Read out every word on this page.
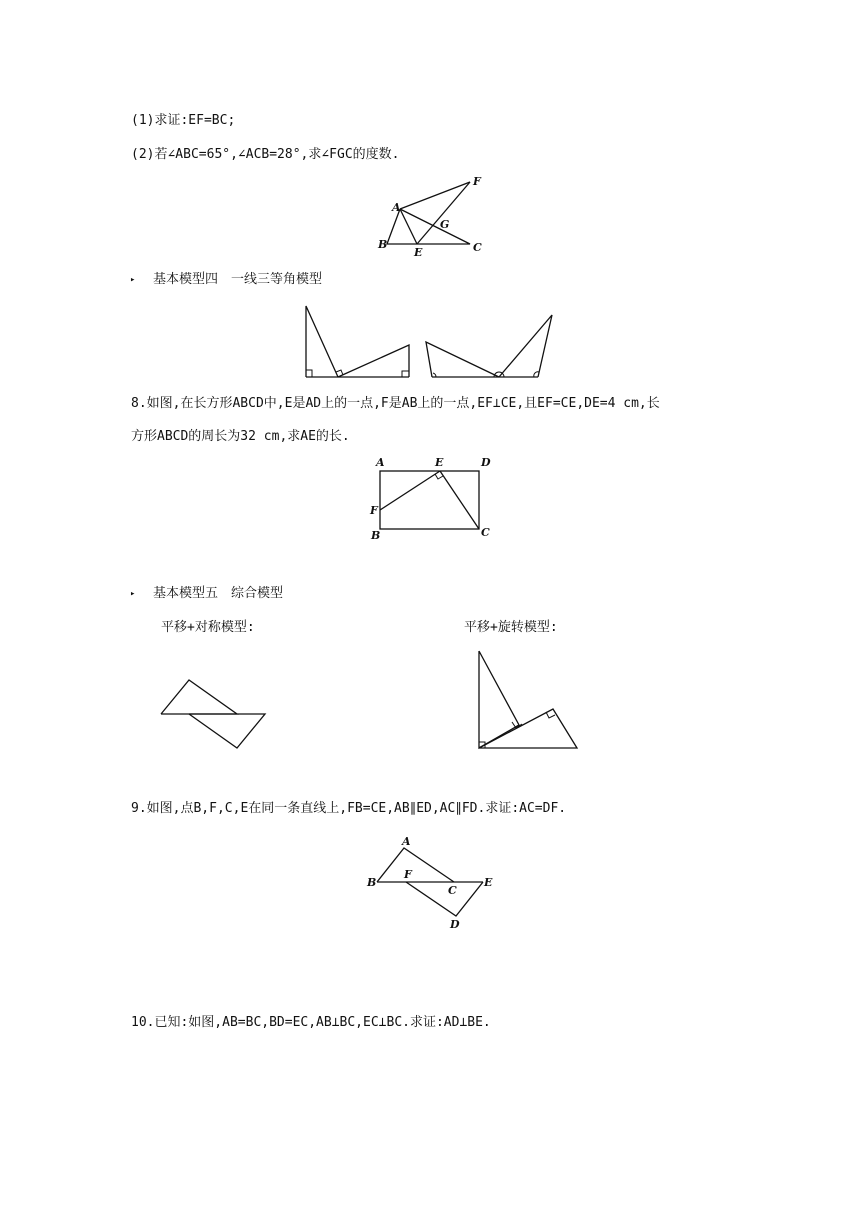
(1)求证:EF=BC;
(2)若∠ABC=65°,∠ACB=28°,求∠FGC的度数.
A
B	C
E
F
G
▸ 基本模型四　一线三等角模型
8.如图,在长方形ABCD中,E是AD上的一点,F是AB上的一点,EF⊥CE,且EF=CE,DE=4 cm,长
方形ABCD的周长为32 cm,求AE的长.
A	E	D
F
B	C
▸ 基本模型五　综合模型
平移+对称模型:	平移+旋转模型:
9.如图,点B,F,C,E在同一条直线上,FB=CE,AB∥ED,AC∥FD.求证:AC=DF.
A
B
F
C
E
D
10.已知:如图,AB=BC,BD=EC,AB⊥BC,EC⊥BC.求证:AD⊥BE.
